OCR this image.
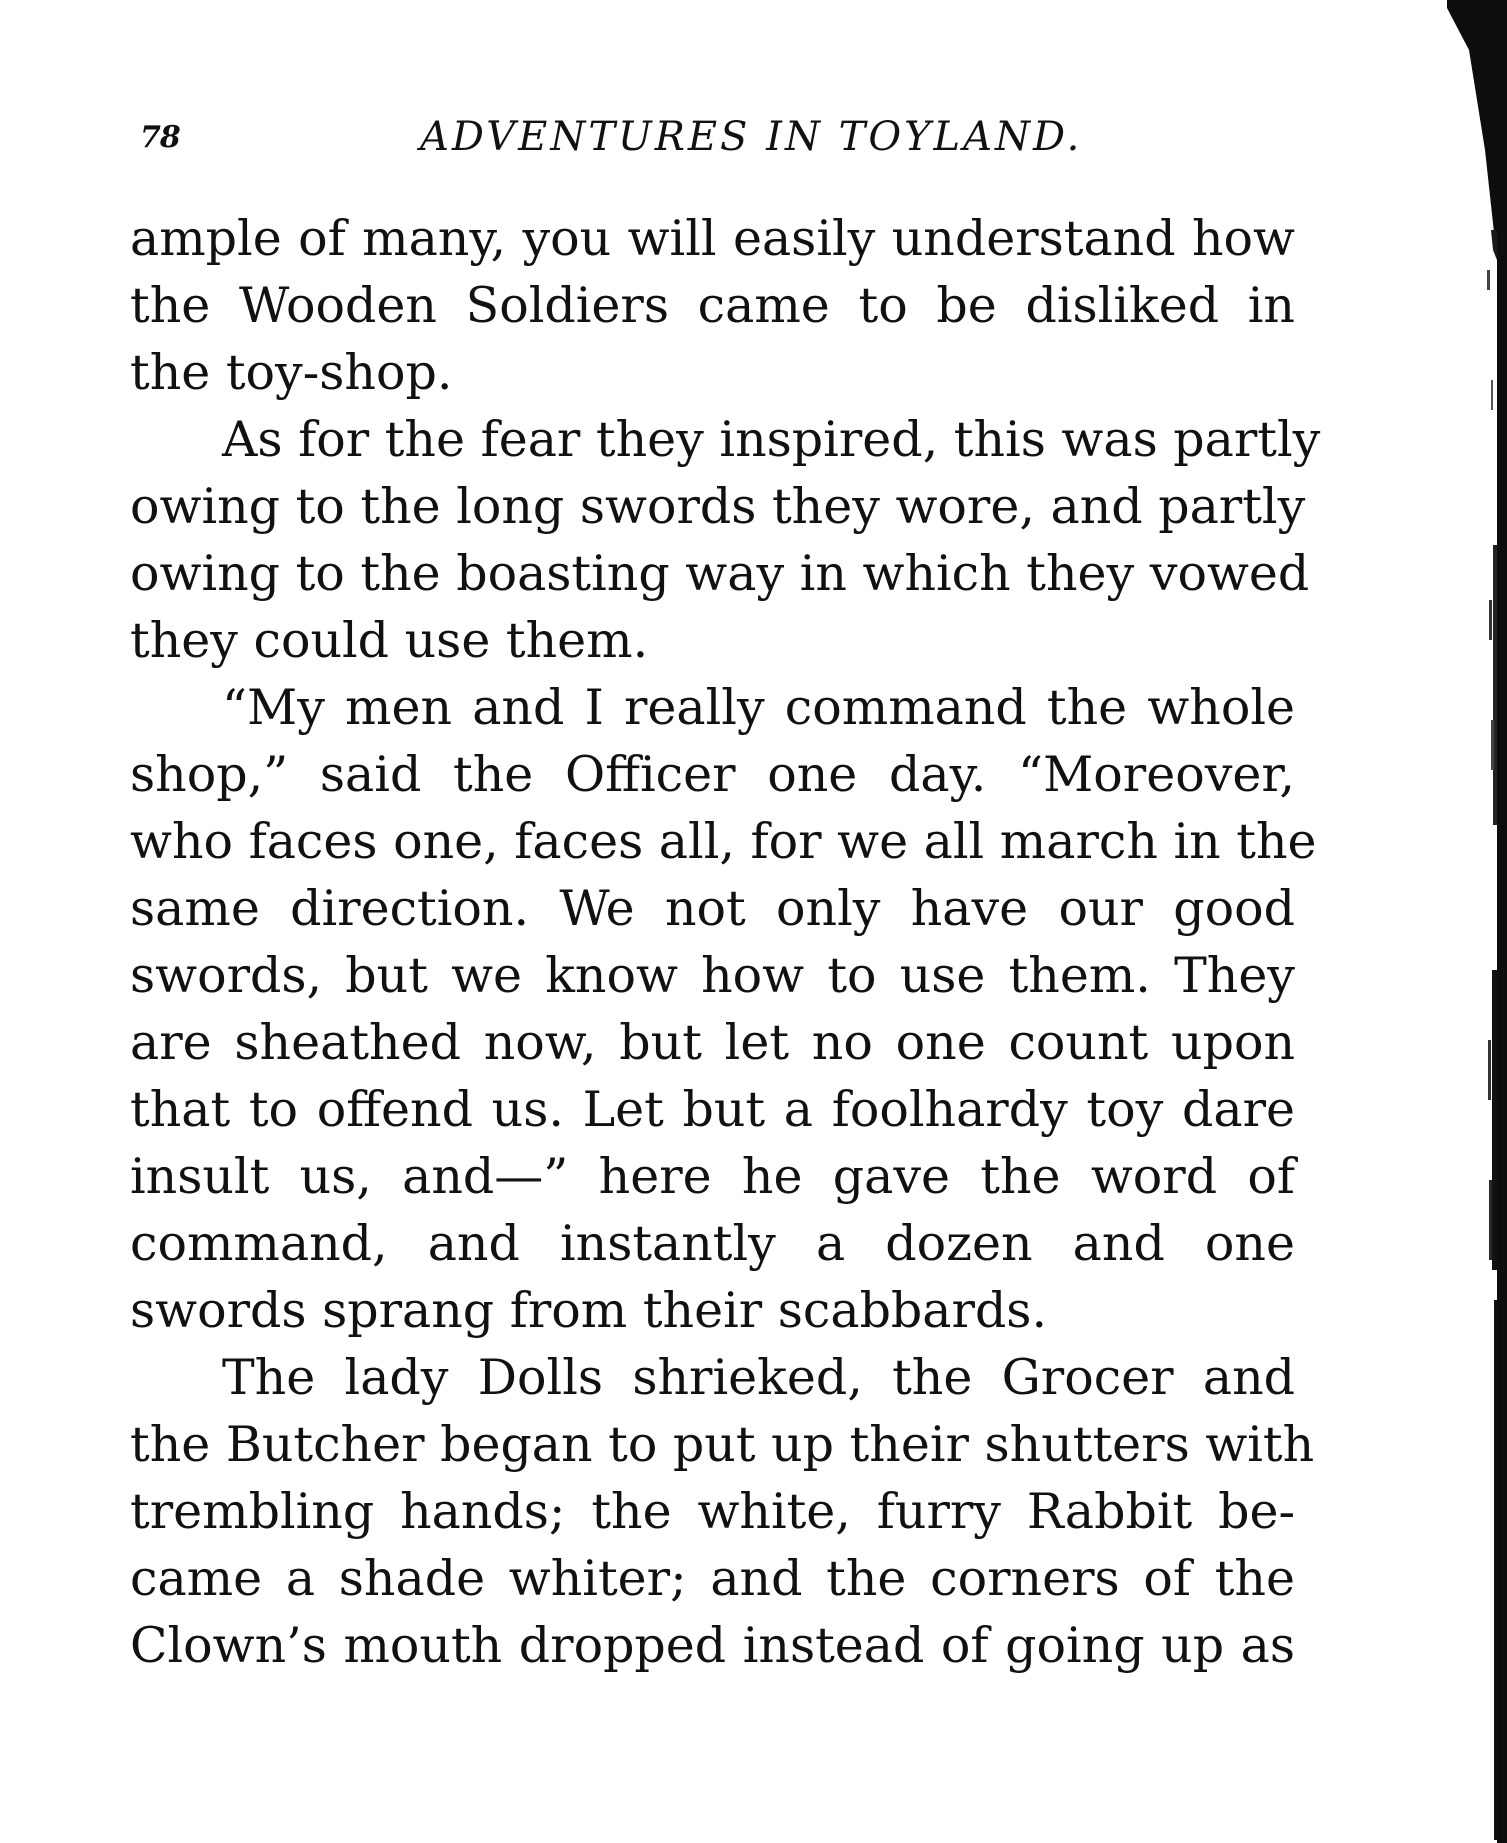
78	ADVENTURES IN TOYLAND.
ample of many, you will easily understand how
the Wooden Soldiers came to be disliked in
the toy-shop.
As for the fear they inspired, this was partly
owing to the long swords they wore, and partly
owing to the boasting way in which they vowed
they could use them.
“My men and I really command the whole
shop,” said the Officer one day. “Moreover,
who faces one, faces all, for we all march in the
same direction. We not only have our good
swords, but we know how to use them. They
are sheathed now, but let no one count upon
that to offend us. Let but a foolhardy toy dare
insult us, and—” here he gave the word of
command, and instantly a dozen and one
swords sprang from their scabbards.
The lady Dolls shrieked, the Grocer and
the Butcher began to put up their shutters with
trembling hands; the white, furry Rabbit be-
came a shade whiter; and the corners of the
Clown’s mouth dropped instead of going up as
